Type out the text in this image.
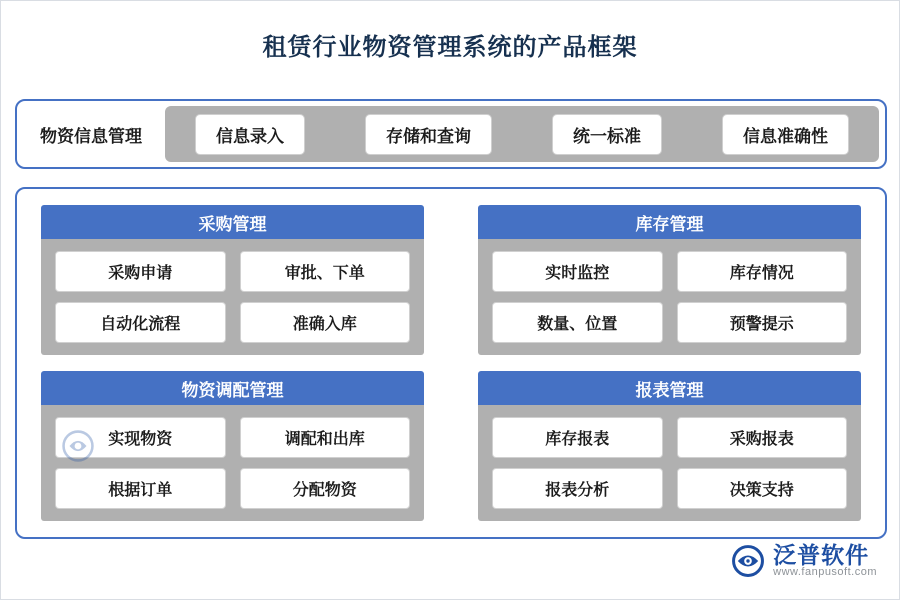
租赁行业物资管理系统的产品框架
物资信息管理	信息录入	存储和查询	统一标准	信息准确性
采购管理
采购申请	审批、下单
自动化流程	准确入库
库存管理
实时监控	库存情况
数量、位置	预警提示
物资调配管理
实现物资	调配和出库
根据订单	分配物资
报表管理
库存报表	采购报表
报表分析	决策支持
泛普软件
www.fanpusoft.com
